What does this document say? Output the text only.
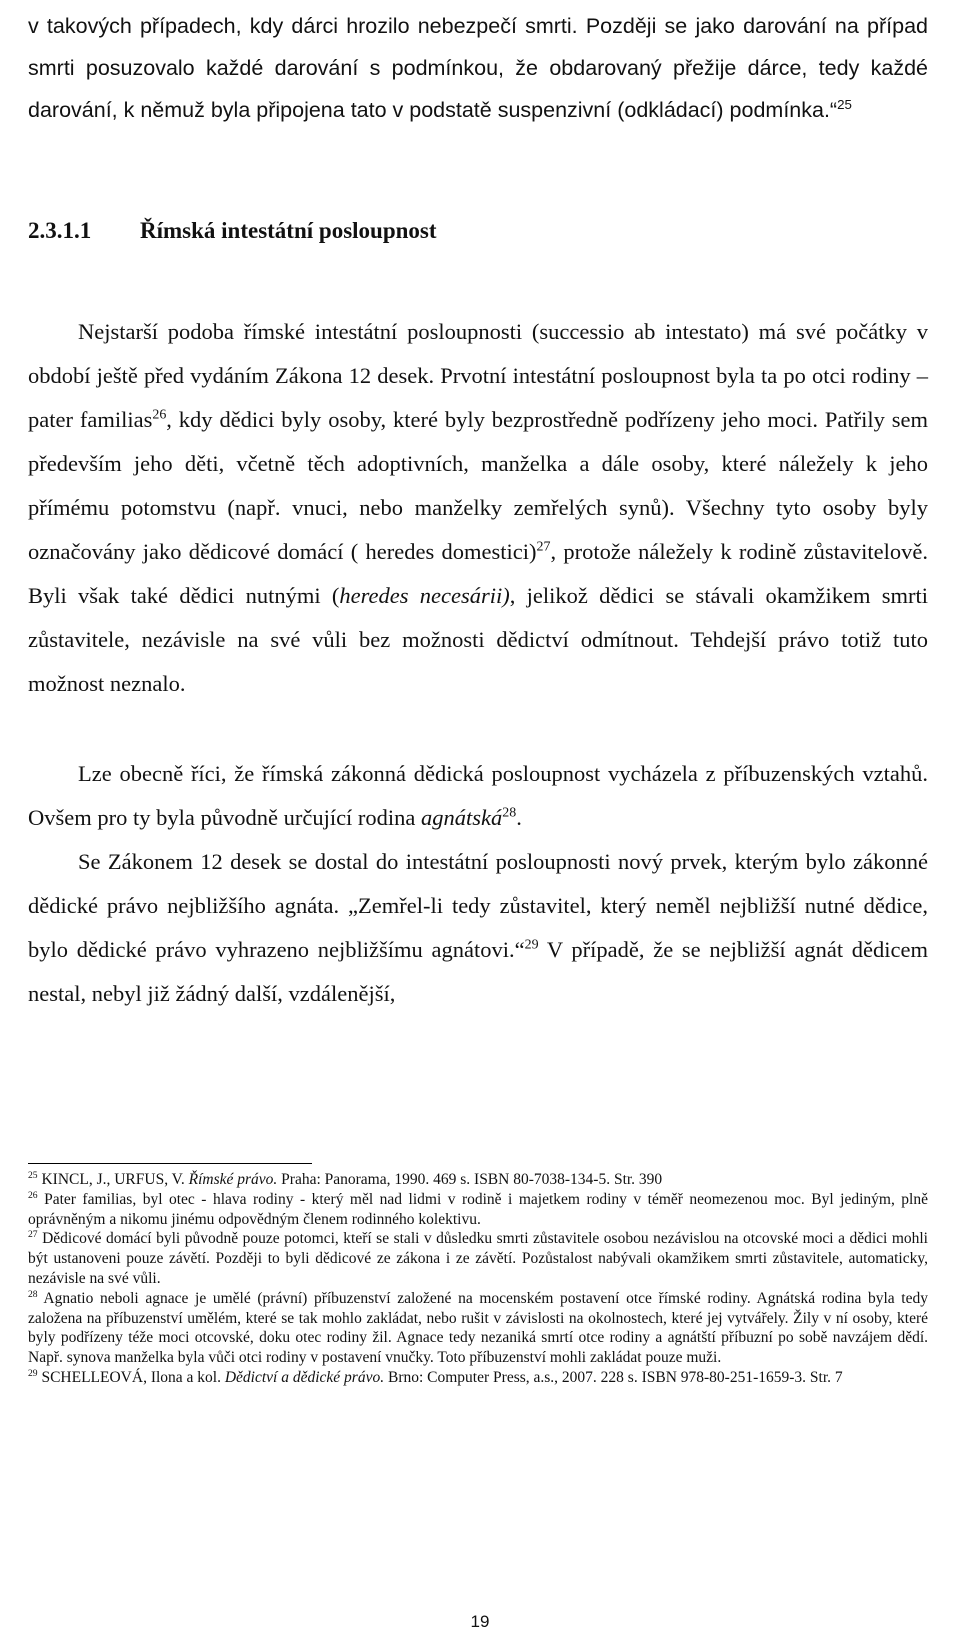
v takových případech, kdy dárci hrozilo nebezpečí smrti. Později se jako darování na případ smrti posuzovalo každé darování s podmínkou, že obdarovaný přežije dárce, tedy každé darování, k němuž byla připojena tato v podstatě suspenzivní (odkládací) podmínka.“$^{25}$

2.3.1.1 Římská intestátní posloupnost

Nejstarší podoba římské intestátní posloupnosti (successio ab intestato) má své počátky v období ještě před vydáním Zákona 12 desek. Prvotní intestátní posloupnost byla ta po otci rodiny – pater familias$^{26}$, kdy dědici byly osoby, které byly bezprostředně podřízeny jeho moci. Patřily sem především jeho děti, včetně těch adoptivních, manželka a dále osoby, které náležely k jeho přímému potomstvu (např. vnuci, nebo manželky zemřelých synů). Všechny tyto osoby byly označovány jako dědicové domácí ( heredes domestici)$^{27}$, protože náležely k rodině zůstavitelově. Byli však také dědici nutnými (heredes necesárii), jelikož dědici se stávali okamžikem smrti zůstavitele, nezávisle na své vůli bez možnosti dědictví odmítnout. Tehdejší právo totiž tuto možnost neznalo.

Lze obecně říci, že římská zákonná dědická posloupnost vycházela z příbuzenských vztahů. Ovšem pro ty byla původně určující rodina agnátská$^{28}$.

Se Zákonem 12 desek se dostal do intestátní posloupnosti nový prvek, kterým bylo zákonné dědické právo nejbližšího agnáta. „Zemřel-li tedy zůstavitel, který neměl nejbližší nutné dědice, bylo dědické právo vyhrazeno nejbližšímu agnátovi.“$^{29}$ V případě, že se nejbližší agnát dědicem nestal, nebyl již žádný další, vzdálenější,

$^{25}$ KINCL, J., URFUS, V. Římské právo. Praha: Panorama, 1990. 469 s. ISBN 80-7038-134-5. Str. 390

$^{26}$ Pater familias, byl otec - hlava rodiny - který měl nad lidmi v rodině i majetkem rodiny v téměř neomezenou moc. Byl jediným, plně oprávněným a nikomu jinému odpovědným členem rodinného kolektivu.

$^{27}$ Dědicové domácí byli původně pouze potomci, kteří se stali v důsledku smrti zůstavitele osobou nezávislou na otcovské moci a dědici mohli být ustanoveni pouze závětí. Později to byli dědicové ze zákona i ze závětí. Pozůstalost nabývali okamžikem smrti zůstavitele, automaticky, nezávisle na své vůli.

$^{28}$ Agnatio neboli agnace je umělé (právní) příbuzenství založené na mocenském postavení otce římské rodiny. Agnátská rodina byla tedy založena na příbuzenství umělém, které se tak mohlo zakládat, nebo rušit v závislosti na okolnostech, které jej vytvářely. Žily v ní osoby, které byly podřízeny téže moci otcovské, doku otec rodiny žil. Agnace tedy nezaniká smrtí otce rodiny a agnátští příbuzní po sobě navzájem dědí. Např. synova manželka byla vůči otci rodiny v postavení vnučky. Toto příbuzenství mohli zakládat pouze muži.

$^{29}$ SCHELLEOVÁ, Ilona a kol. Dědictví a dědické právo. Brno: Computer Press, a.s., 2007. 228 s. ISBN 978-80-251-1659-3. Str. 7

19
